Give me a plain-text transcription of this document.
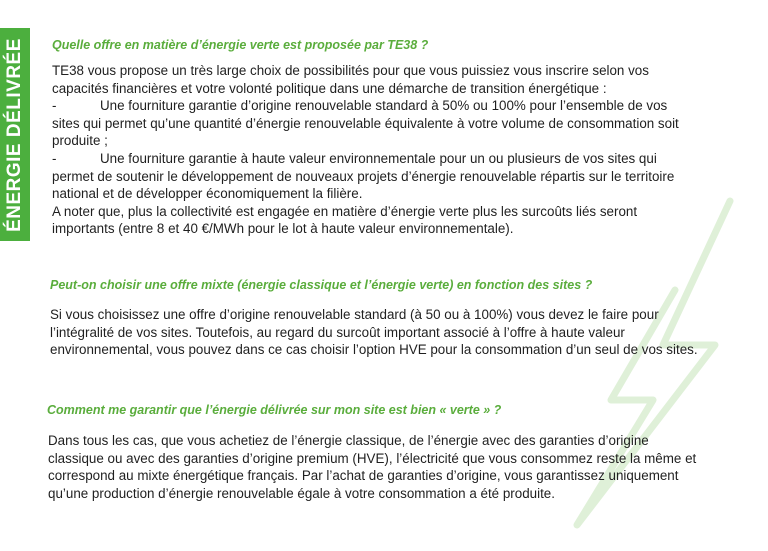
ÉNERGIE DÉLIVRÉE Quelle offre en matière d’énergie verte est proposée par TE38 ?

TE38 vous propose un très large choix de possibilités pour que vous puissiez vous inscrire selon vos
capacités financières et votre volonté politique dans une démarche de transition énergétique :
-	Une fourniture garantie d’origine renouvelable standard à 50% ou 100% pour l’ensemble de vos
sites qui permet qu’une quantité d’énergie renouvelable équivalente à votre volume de consommation soit
produite ;
-	Une fourniture garantie à haute valeur environnementale pour un ou plusieurs de vos sites qui
permet de soutenir le développement de nouveaux projets d’énergie renouvelable répartis sur le territoire
national et de développer économiquement la filière.
A noter que, plus la collectivité est engagée en matière d’énergie verte plus les surcoûts liés seront
importants (entre 8 et 40 €/MWh pour le lot à haute valeur environnementale).

Peut-on choisir une offre mixte (énergie classique et l’énergie verte) en fonction des sites ?

Si vous choisissez une offre d’origine renouvelable standard (à 50 ou à 100%) vous devez le faire pour
l’intégralité de vos sites. Toutefois, au regard du surcoût important associé à l’offre à haute valeur
environnemental, vous pouvez dans ce cas choisir l’option HVE pour la consommation d’un seul de vos sites.

Comment me garantir que l’énergie délivrée sur mon site est bien « verte » ?

Dans tous les cas, que vous achetiez de l’énergie classique, de l’énergie avec des garanties d’origine
classique ou avec des garanties d’origine premium (HVE), l’électricité que vous consommez reste la même et
correspond au mixte énergétique français. Par l’achat de garanties d’origine, vous garantissez uniquement
qu’une production d’énergie renouvelable égale à votre consommation a été produite.
